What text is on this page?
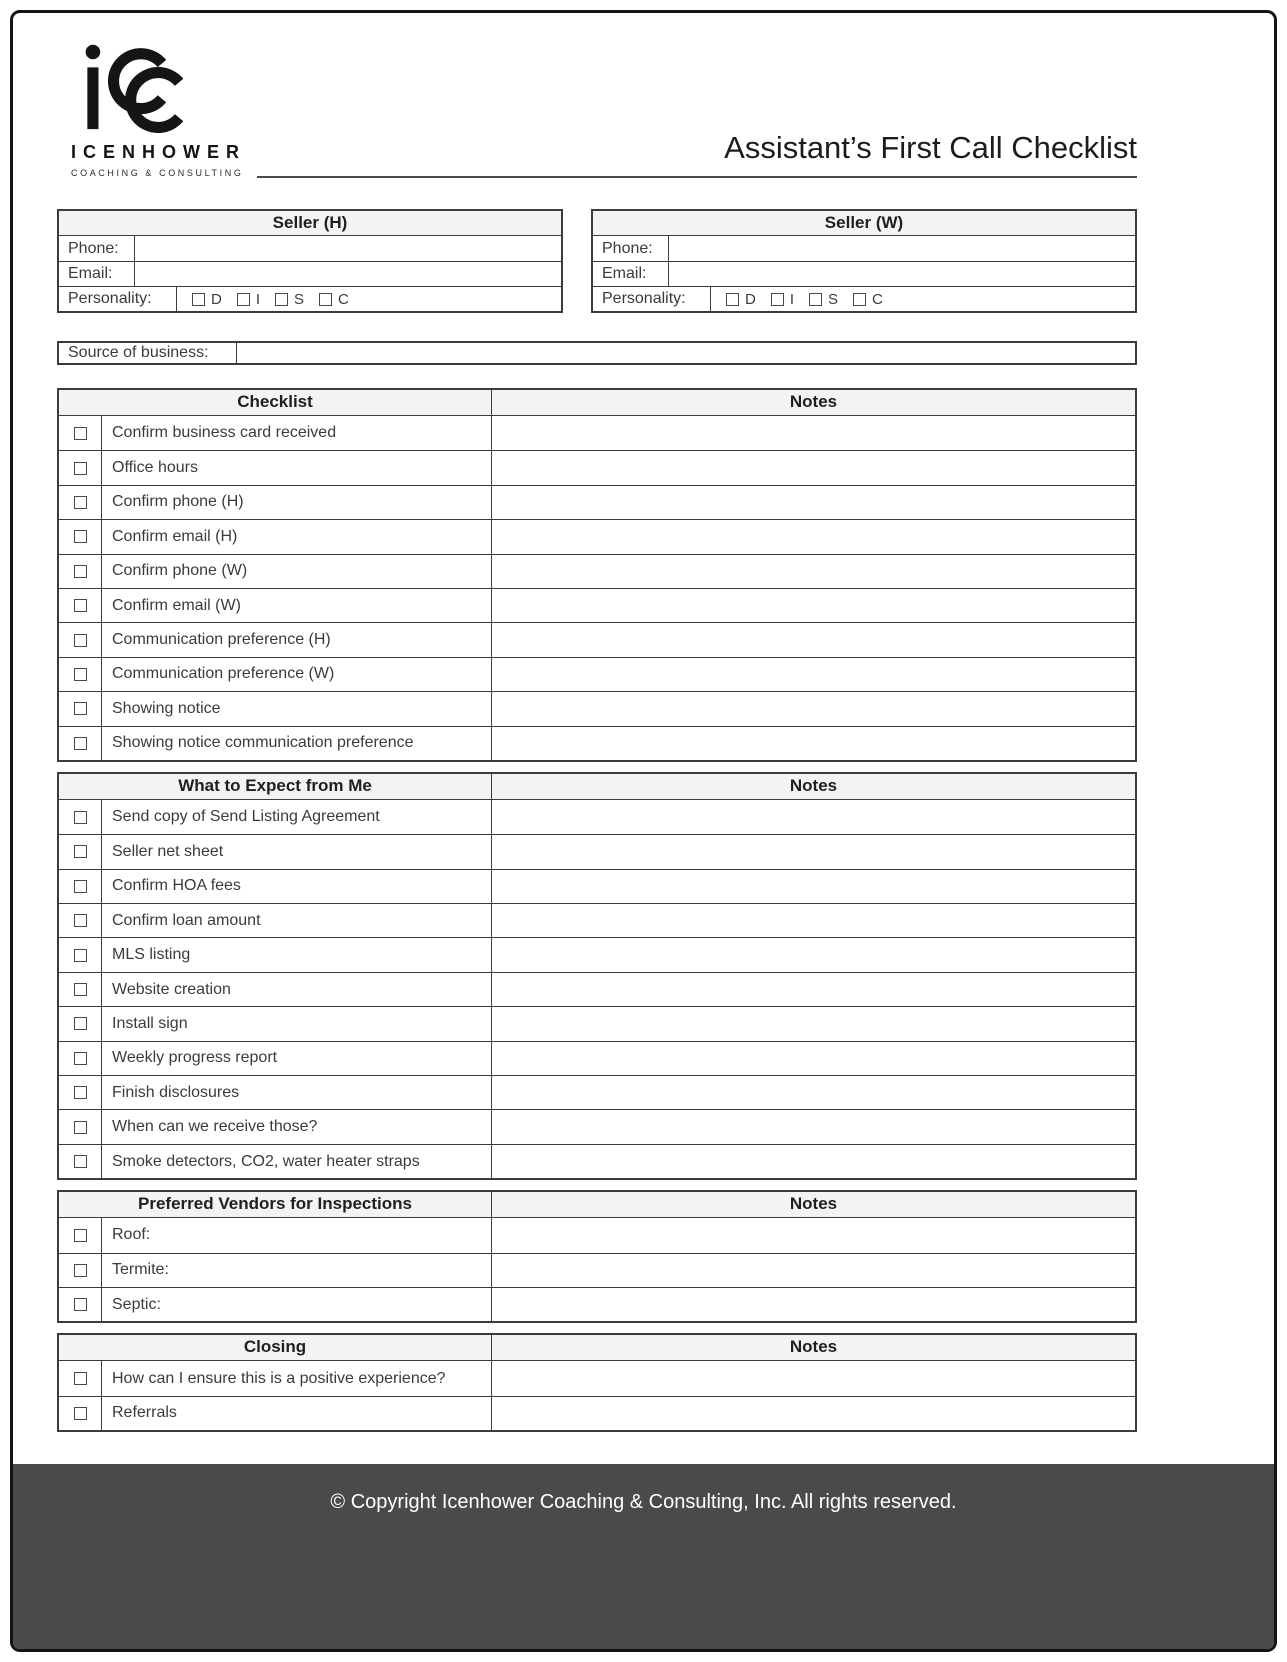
ICENHOWER
COACHING & CONSULTING
Assistant’s First Call Checklist
Seller (H)
Phone:
Email:
Personality:	D I S C
Seller (W)
Phone:
Email:
Personality:	D I S C
Source of business:
Checklist	Notes
Confirm business card received
Office hours
Confirm phone (H)
Confirm email (H)
Confirm phone (W)
Confirm email (W)
Communication preference (H)
Communication preference (W)
Showing notice
Showing notice communication preference
What to Expect from Me	Notes
Send copy of Send Listing Agreement
Seller net sheet
Confirm HOA fees
Confirm loan amount
MLS listing
Website creation
Install sign
Weekly progress report
Finish disclosures
When can we receive those?
Smoke detectors, CO2, water heater straps
Preferred Vendors for Inspections	Notes
Roof:
Termite:
Septic:
Closing	Notes
How can I ensure this is a positive experience?
Referrals
© Copyright Icenhower Coaching & Consulting, Inc. All rights reserved.
